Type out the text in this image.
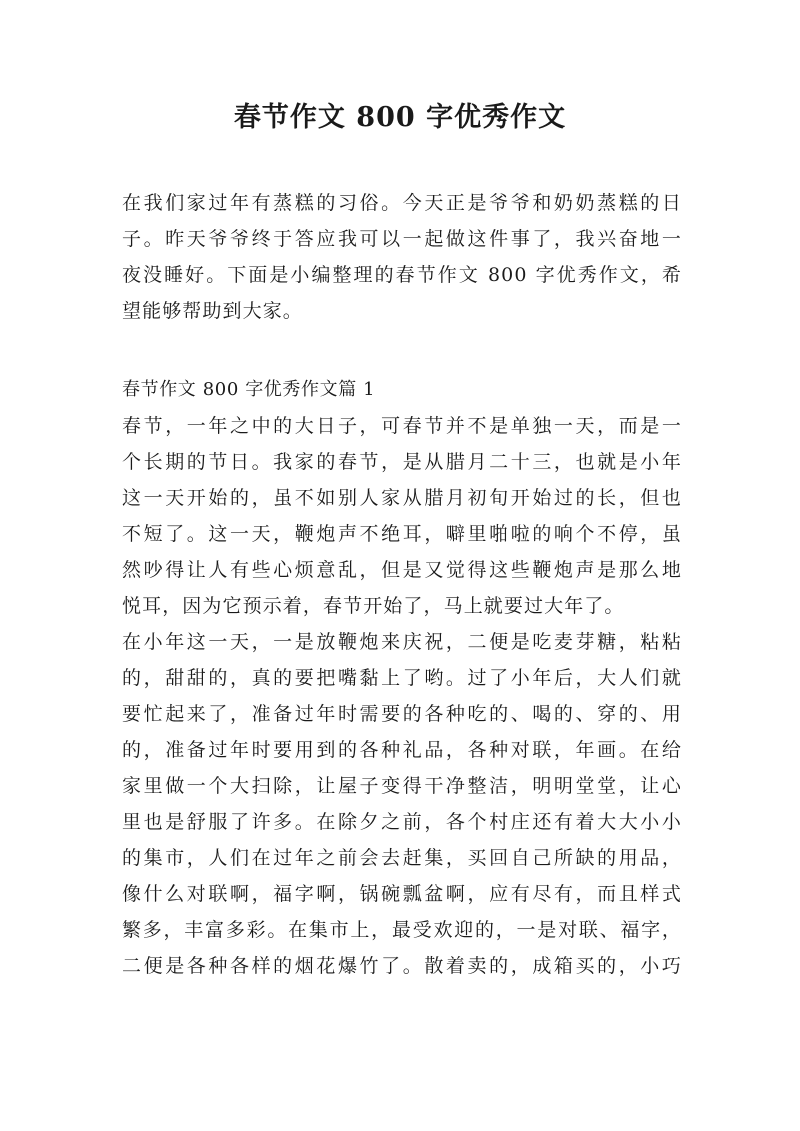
春节作文 800 字优秀作文
在我们家过年有蒸糕的习俗。今天正是爷爷和奶奶蒸糕的日
子。昨天爷爷终于答应我可以一起做这件事了，我兴奋地一
夜没睡好。下面是小编整理的春节作文 800 字优秀作文，希
望能够帮助到大家。
春节作文 800 字优秀作文篇 1
春节，一年之中的大日子，可春节并不是单独一天，而是一
个长期的节日。我家的春节，是从腊月二十三，也就是小年
这一天开始的，虽不如别人家从腊月初旬开始过的长，但也
不短了。这一天，鞭炮声不绝耳，噼里啪啦的响个不停，虽
然吵得让人有些心烦意乱，但是又觉得这些鞭炮声是那么地
悦耳，因为它预示着，春节开始了，马上就要过大年了。
在小年这一天，一是放鞭炮来庆祝，二便是吃麦芽糖，粘粘
的，甜甜的，真的要把嘴黏上了哟。过了小年后，大人们就
要忙起来了，准备过年时需要的各种吃的、喝的、穿的、用
的，准备过年时要用到的各种礼品，各种对联，年画。在给
家里做一个大扫除，让屋子变得干净整洁，明明堂堂，让心
里也是舒服了许多。在除夕之前，各个村庄还有着大大小小
的集市，人们在过年之前会去赶集，买回自己所缺的用品，
像什么对联啊，福字啊，锅碗瓢盆啊，应有尽有，而且样式
繁多，丰富多彩。在集市上，最受欢迎的，一是对联、福字，
二便是各种各样的烟花爆竹了。散着卖的，成箱买的，小巧
